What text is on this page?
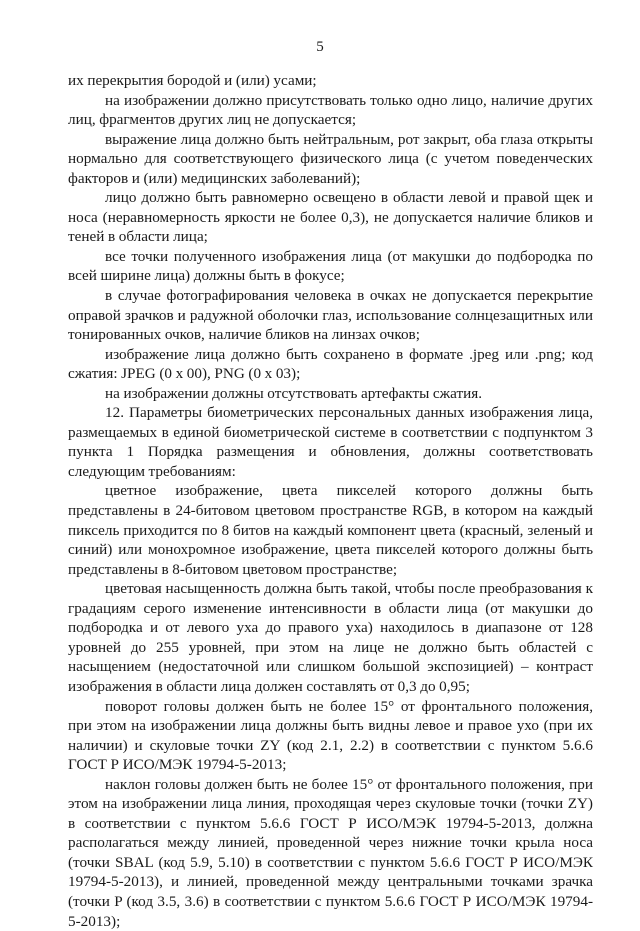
5

их перекрытия бородой и (или) усами;

на изображении должно присутствовать только одно лицо, наличие других лиц, фрагментов других лиц не допускается;

выражение лица должно быть нейтральным, рот закрыт, оба глаза открыты нормально для соответствующего физического лица (с учетом поведенческих факторов и (или) медицинских заболеваний);

лицо должно быть равномерно освещено в области левой и правой щек и носа (неравномерность яркости не более 0,3), не допускается наличие бликов и теней в области лица;

все точки полученного изображения лица (от макушки до подбородка по всей ширине лица) должны быть в фокусе;

в случае фотографирования человека в очках не допускается перекрытие оправой зрачков и радужной оболочки глаз, использование солнцезащитных или тонированных очков, наличие бликов на линзах очков;

изображение лица должно быть сохранено в формате .jpeg или .png; код сжатия: JPEG (0 x 00), PNG (0 x 03);

на изображении должны отсутствовать артефакты сжатия.

12. Параметры биометрических персональных данных изображения лица, размещаемых в единой биометрической системе в соответствии с подпунктом 3 пункта 1 Порядка размещения и обновления, должны соответствовать следующим требованиям:

цветное изображение, цвета пикселей которого должны быть представлены в 24-битовом цветовом пространстве RGB, в котором на каждый пиксель приходится по 8 битов на каждый компонент цвета (красный, зеленый и синий) или монохромное изображение, цвета пикселей которого должны быть представлены в 8-битовом цветовом пространстве;

цветовая насыщенность должна быть такой, чтобы после преобразования к градациям серого изменение интенсивности в области лица (от макушки до подбородка и от левого уха до правого уха) находилось в диапазоне от 128 уровней до 255 уровней, при этом на лице не должно быть областей с насыщением (недостаточной или слишком большой экспозицией) – контраст изображения в области лица должен составлять от 0,3 до 0,95;

поворот головы должен быть не более 15° от фронтального положения, при этом на изображении лица должны быть видны левое и правое ухо (при их наличии) и скуловые точки ZY (код 2.1, 2.2) в соответствии с пунктом 5.6.6 ГОСТ Р ИСО/МЭК 19794-5-2013;

наклон головы должен быть не более 15° от фронтального положения, при этом на изображении лица линия, проходящая через скуловые точки (точки ZY) в соответствии с пунктом 5.6.6 ГОСТ Р ИСО/МЭК 19794-5-2013, должна располагаться между линией, проведенной через нижние точки крыла носа (точки SBAL (код 5.9, 5.10) в соответствии с пунктом 5.6.6 ГОСТ Р ИСО/МЭК 19794-5-2013), и линией, проведенной между центральными точками зрачка (точки P (код 3.5, 3.6) в соответствии с пунктом 5.6.6 ГОСТ Р ИСО/МЭК 19794-5-2013);
